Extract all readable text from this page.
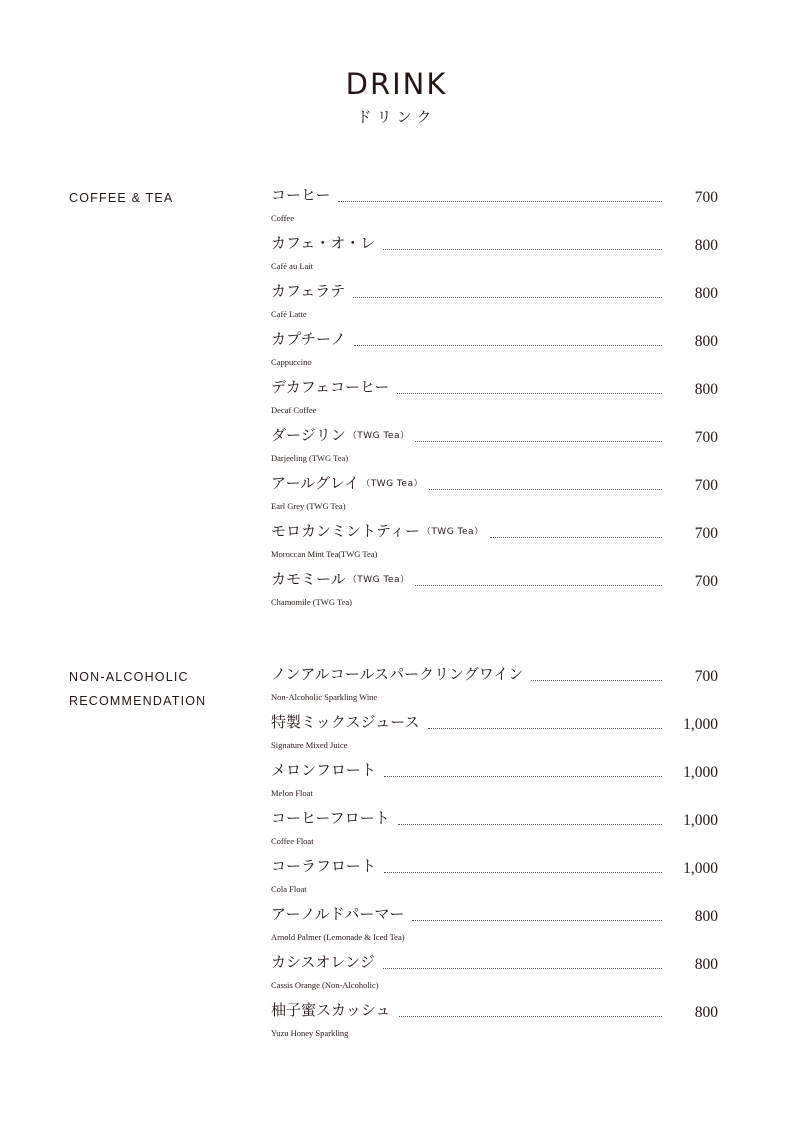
DRINK
ドリンク
COFFEE & TEA	コーヒー	700
Coffee
カフェ・オ・レ	800
Café au Lait
カフェラテ	800
Café Latte
カプチーノ	800
Cappuccino
デカフェコーヒー	800
Decaf Coffee
ダージリン （TWG Tea）	700
Darjeeling (TWG Tea)
アールグレイ （TWG Tea）	700
Earl Grey (TWG Tea)
モロカンミントティー （TWG Tea）	700
Moroccan Mint Tea(TWG Tea)
カモミール （TWG Tea）	700
Chamomile (TWG Tea)
NON-ALCOHOLIC
RECOMMENDATION
ノンアルコールスパークリングワイン	700
Non-Alcoholic Sparkling Wine
特製ミックスジュース	1,000
Signature Mixed Juice
メロンフロート	1,000
Melon Float
コーヒーフロート	1,000
Coffee Float
コーラフロート	1,000
Cola Float
アーノルドパーマー	800
Arnold Palmer (Lemonade & Iced Tea)
カシスオレンジ	800
Cassis Orange (Non-Alcoholic)
柚子蜜スカッシュ	800
Yuzu Honey Sparkling
